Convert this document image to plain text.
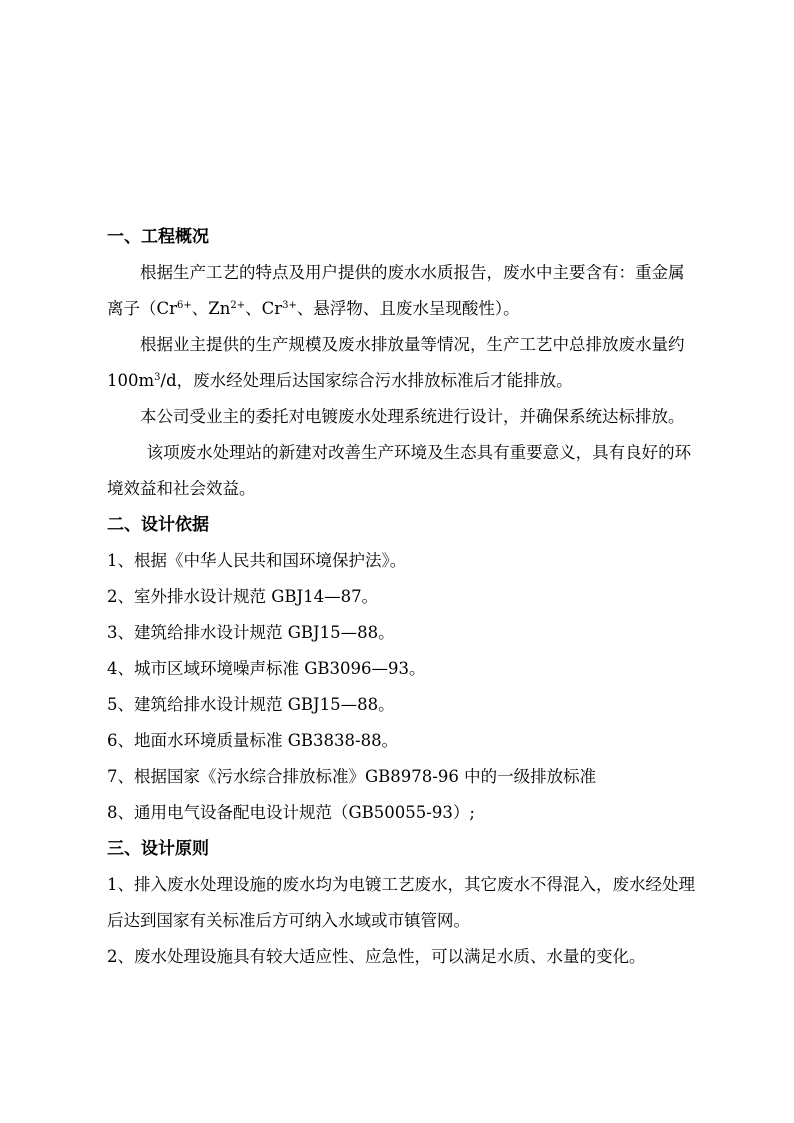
一、工程概况

根据生产工艺的特点及用户提供的废水水质报告，废水中主要含有：重金属离子（$Cr^{6+}$、$Zn^{2+}$、$Cr^{3+}$、悬浮物、且废水呈现酸性）。

根据业主提供的生产规模及废水排放量等情况，生产工艺中总排放废水量约$100m^3/d$，废水经处理后达国家综合污水排放标准后才能排放。

本公司受业主的委托对电镀废水处理系统进行设计，并确保系统达标排放。

该项废水处理站的新建对改善生产环境及生态具有重要意义，具有良好的环境效益和社会效益。

二、设计依据
1、根据《中华人民共和国环境保护法》。
2、室外排水设计规范 GBJ14—87。
3、建筑给排水设计规范 GBJ15—88。
4、城市区域环境噪声标准 GB3096—93。
5、建筑给排水设计规范 GBJ15—88。
6、地面水环境质量标准 GB3838-88。
7、根据国家《污水综合排放标准》GB8978-96 中的一级排放标准
8、通用电气设备配电设计规范（GB50055-93）;
三、设计原则

1、排入废水处理设施的废水均为电镀工艺废水，其它废水不得混入，废水经处理后达到国家有关标准后方可纳入水域或市镇管网。

2、废水处理设施具有较大适应性、应急性，可以满足水质、水量的变化。
